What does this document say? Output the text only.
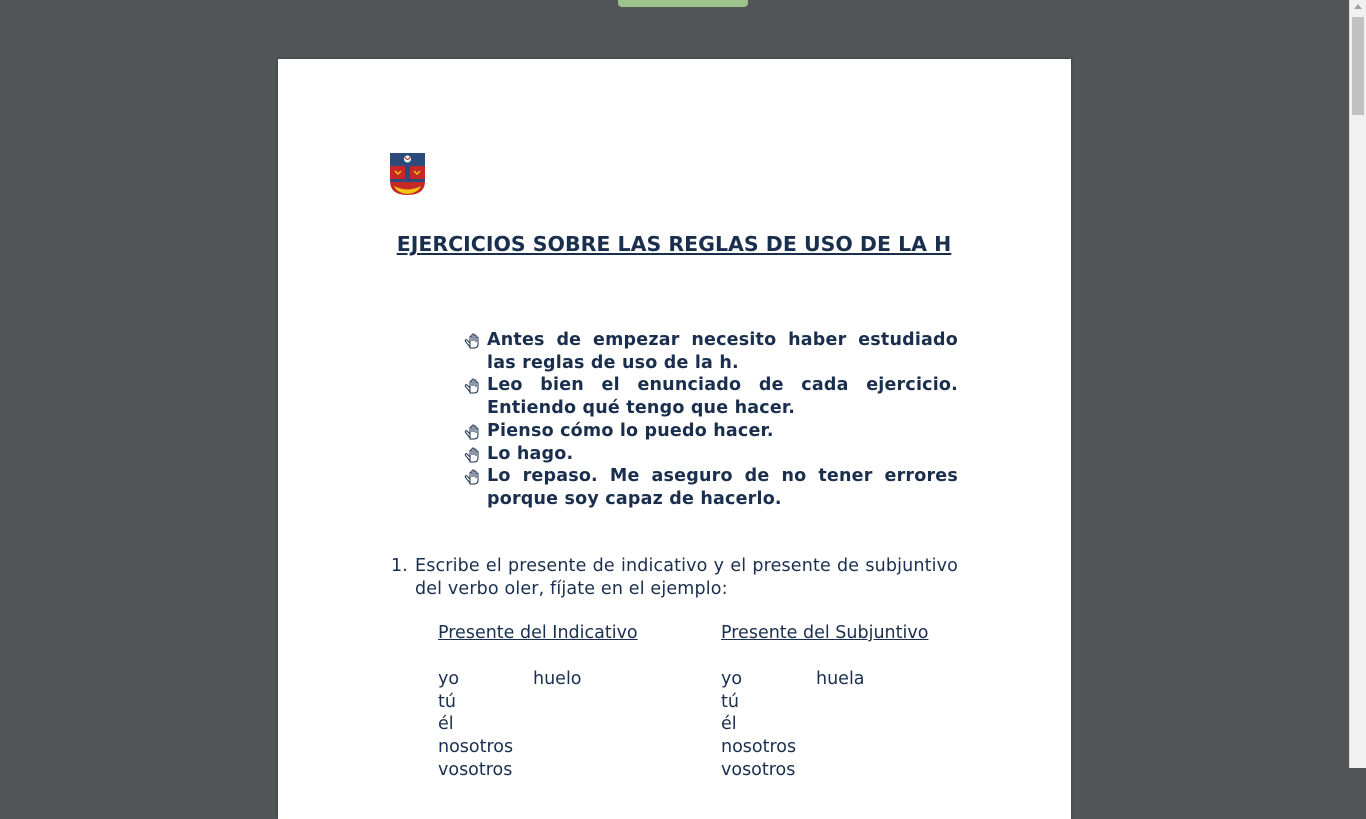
EJERCICIOS SOBRE LAS REGLAS DE USO DE LA H
Antes de empezar necesito haber estudiado las reglas de uso de la h.
Leo bien el enunciado de cada ejercicio. Entiendo qué tengo que hacer.
Pienso cómo lo puedo hacer.
Lo hago.
Lo repaso. Me aseguro de no tener errores porque soy capaz de hacerlo.
1. Escribe el presente de indicativo y el presente de subjuntivo del verbo oler, fíjate en el ejemplo:
Presente del Indicativo
yo	huelo
tú
él
nosotros
vosotros
Presente del Subjuntivo
yo	huela
tú
él
nosotros
vosotros
